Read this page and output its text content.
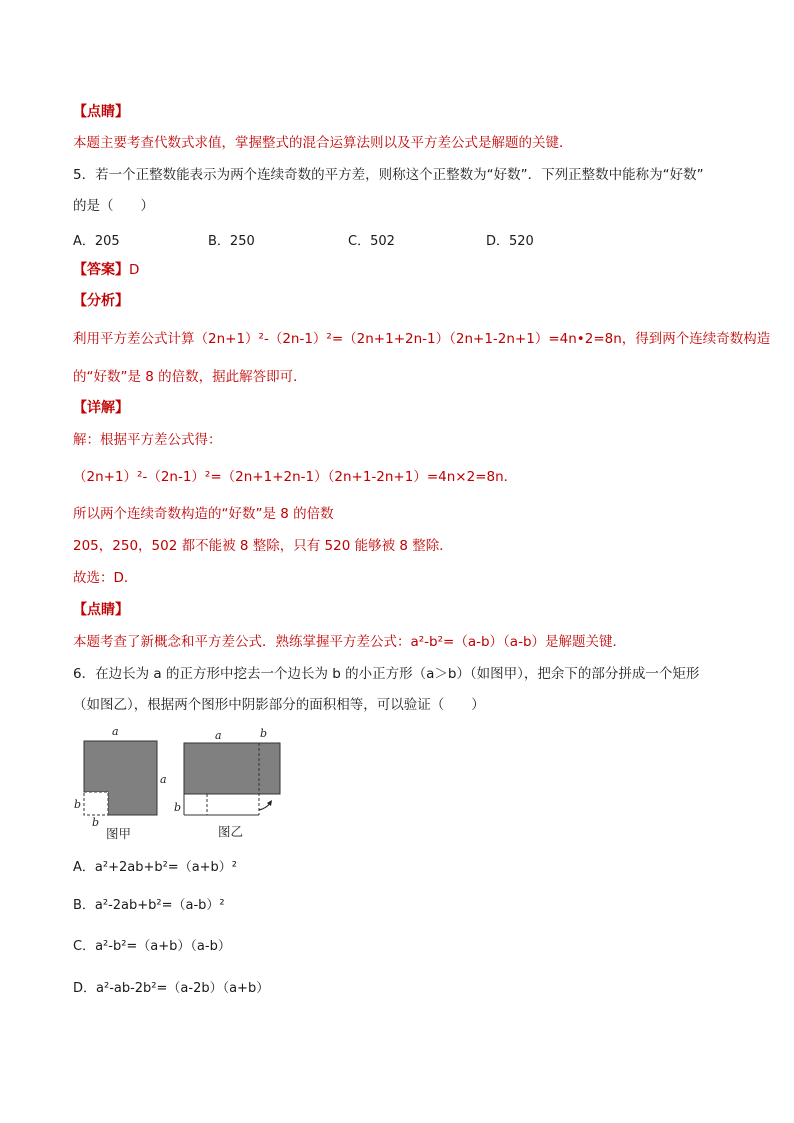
【点睛】
本题主要考查代数式求值，掌握整式的混合运算法则以及平方差公式是解题的关键．
5．若一个正整数能表示为两个连续奇数的平方差，则称这个正整数为“好数”．下列正整数中能称为“好数”
的是（　　）
A．205	B．250	C．502	D．520
【答案】D
【分析】
利用平方差公式计算（2n+1）²-（2n-1）²=（2n+1+2n-1）（2n+1-2n+1）=4n•2=8n，得到两个连续奇数构造
的“好数”是 8 的倍数，据此解答即可．
【详解】
解：根据平方差公式得：
（2n+1）²-（2n-1）²=（2n+1+2n-1）（2n+1-2n+1）=4n×2=8n．
所以两个连续奇数构造的“好数”是 8 的倍数
205，250，502 都不能被 8 整除，只有 520 能够被 8 整除．
故选：D．
【点睛】
本题考查了新概念和平方差公式．熟练掌握平方差公式：a²-b²=（a-b）（a-b）是解题关键．
6．在边长为 a 的正方形中挖去一个边长为 b 的小正方形（a＞b）（如图甲），把余下的部分拼成一个矩形
（如图乙），根据两个图形中阴影部分的面积相等，可以验证（　　）
a
a
b
b
图甲
a	b
b
图乙
A．a²+2ab+b²=（a+b）²
B．a²-2ab+b²=（a-b）²
C．a²-b²=（a+b）（a-b）
D．a²-ab-2b²=（a-2b）（a+b）
